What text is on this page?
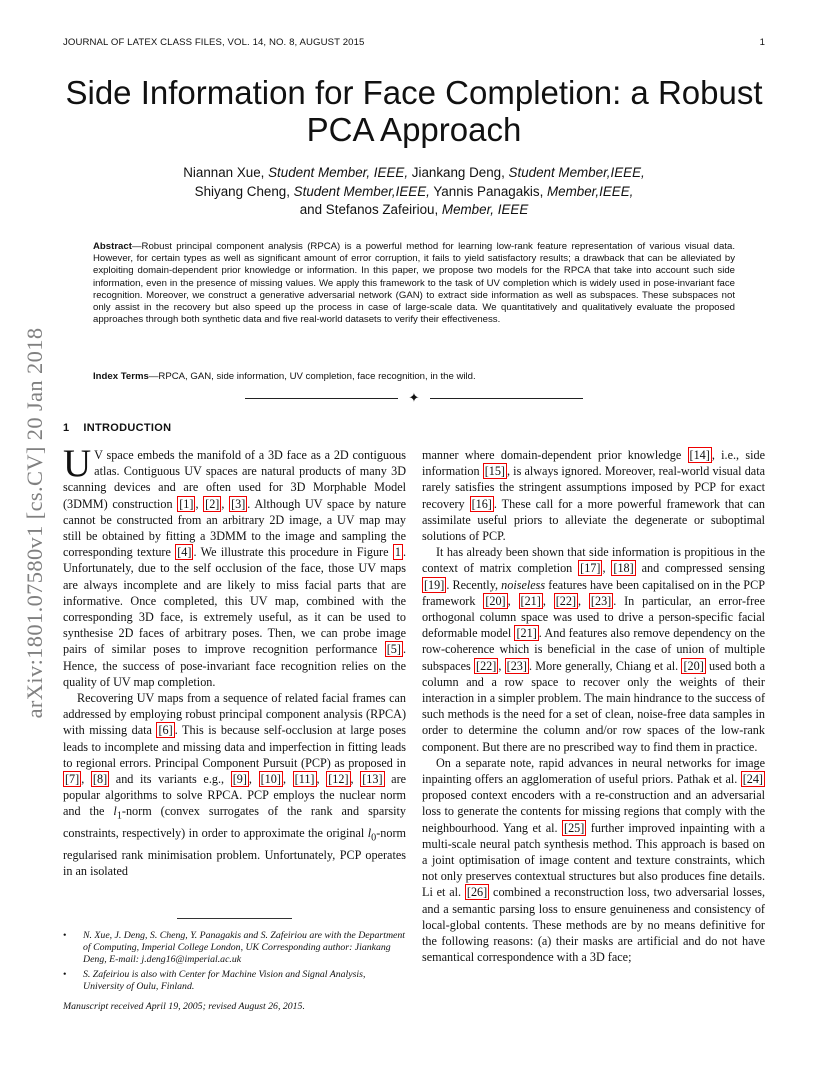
JOURNAL OF LATEX CLASS FILES, VOL. 14, NO. 8, AUGUST 2015	1
arXiv:1801.07580v1 [cs.CV] 20 Jan 2018
Side Information for Face Completion: a Robust PCA Approach
Niannan Xue, Student Member, IEEE, Jiankang Deng, Student Member,IEEE,
Shiyang Cheng, Student Member,IEEE, Yannis Panagakis, Member,IEEE,
and Stefanos Zafeiriou, Member, IEEE
Abstract—Robust principal component analysis (RPCA) is a powerful method for learning low-rank feature representation of various visual data. However, for certain types as well as significant amount of error corruption, it fails to yield satisfactory results; a drawback that can be alleviated by exploiting domain-dependent prior knowledge or information. In this paper, we propose two models for the RPCA that take into account such side information, even in the presence of missing values. We apply this framework to the task of UV completion which is widely used in pose-invariant face recognition. Moreover, we construct a generative adversarial network (GAN) to extract side information as well as subspaces. These subspaces not only assist in the recovery but also speed up the process in case of large-scale data. We quantitatively and qualitatively evaluate the proposed approaches through both synthetic data and five real-world datasets to verify their effectiveness.
Index Terms—RPCA, GAN, side information, UV completion, face recognition, in the wild.
✦
1 INTRODUCTION

U V space embeds the manifold of a 3D face as a 2D contiguous atlas. Contiguous UV spaces are natural products of many 3D scanning devices and are often used for 3D Morphable Model (3DMM) construction [1] , [2] , [3] . Although UV space by nature cannot be constructed from an arbitrary 2D image, a UV map may still be obtained by fitting a 3DMM to the image and sampling the corresponding texture [4] . We illustrate this procedure in Figure 1 . Unfortunately, due to the self occlusion of the face, those UV maps are always incomplete and are likely to miss facial parts that are informative. Once completed, this UV map, combined with the corresponding 3D face, is extremely useful, as it can be used to synthesise 2D faces of arbitrary poses. Then, we can probe image pairs of similar poses to improve recognition performance [5] . Hence, the success of pose-invariant face recognition relies on the quality of UV map completion.

Recovering UV maps from a sequence of related facial frames can addressed by employing robust principal component analysis (RPCA) with missing data [6] . This is because self-occlusion at large poses leads to incomplete and missing data and imperfection in fitting leads to regional errors. Principal Component Pursuit (PCP) as proposed in [7] , [8] and its variants e.g., [9] , [10] , [11] , [12] , [13] are popular algorithms to solve RPCA. PCP employs the nuclear norm and the $l_1$-norm (convex surrogates of the rank and sparsity constraints, respectively) in order to approximate the original $l_0$-norm regularised rank minimisation problem. Unfortunately, PCP operates in an isolated

manner where domain-dependent prior knowledge [14] , i.e., side information [15] , is always ignored. Moreover, real-world visual data rarely satisfies the stringent assumptions imposed by PCP for exact recovery [16] . These call for a more powerful framework that can assimilate useful priors to alleviate the degenerate or suboptimal solutions of PCP.

It has already been shown that side information is propitious in the context of matrix completion [17] , [18] and compressed sensing [19] . Recently, noiseless features have been capitalised on in the PCP framework [20] , [21] , [22] , [23] . In particular, an error-free orthogonal column space was used to drive a person-specific facial deformable model [21] . And features also remove dependency on the row-coherence which is beneficial in the case of union of multiple subspaces [22] , [23] . More generally, Chiang et al. [20] used both a column and a row space to recover only the weights of their interaction in a simpler problem. The main hindrance to the success of such methods is the need for a set of clean, noise-free data samples in order to determine the column and/or row spaces of the low-rank component. But there are no prescribed way to find them in practice.

On a separate note, rapid advances in neural networks for image inpainting offers an agglomeration of useful priors. Pathak et al. [24] proposed context encoders with a re-construction and an adversarial loss to generate the contents for missing regions that comply with the neighbourhood. Yang et al. [25] further improved inpainting with a multi-scale neural patch synthesis method. This approach is based on a joint optimisation of image content and texture constraints, which not only preserves contextual structures but also produces fine details. Li et al. [26] combined a reconstruction loss, two adversarial losses, and a semantic parsing loss to ensure genuineness and consistency of local-global contents. These methods are by no means definitive for the following reasons: (a) their masks are artificial and do not have semantical correspondence with a 3D face;

• N. Xue, J. Deng, S. Cheng, Y. Panagakis and S. Zafeiriou are with the Department of Computing, Imperial College London, UK Corresponding author: Jiankang Deng, E-mail: j.deng16@imperial.ac.uk

• S. Zafeiriou is also with Center for Machine Vision and Signal Analysis, University of Oulu, Finland.

Manuscript received April 19, 2005; revised August 26, 2015.
